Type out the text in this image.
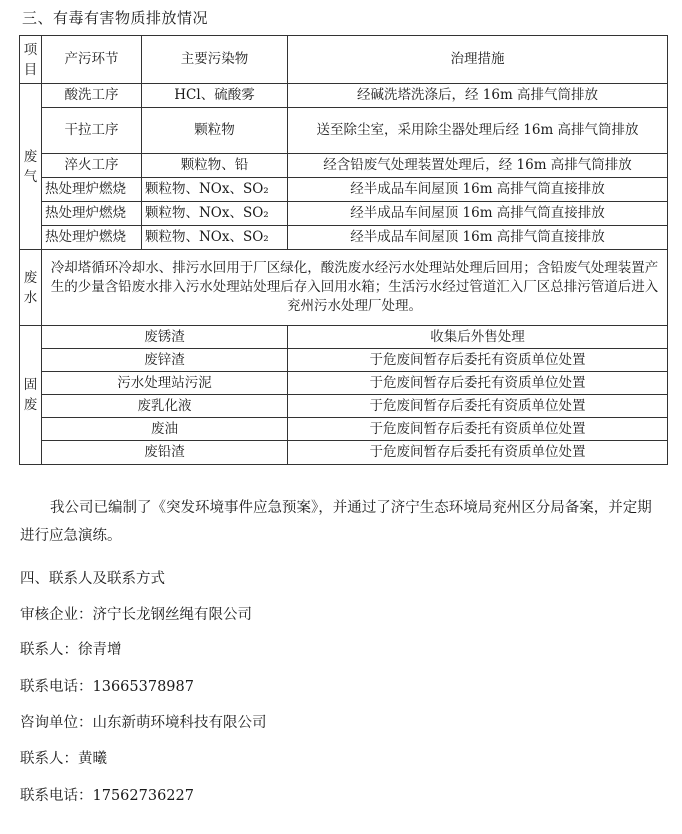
三、有毒有害物质排放情况
项目	产污环节	主要污染物	治理措施
废气	酸洗工序	HCl、硫酸雾	经碱洗塔洗涤后，经 16m 高排气筒排放
	干拉工序	颗粒物	送至除尘室，采用除尘器处理后经 16m 高排气筒排放
	淬火工序	颗粒物、铅	经含铅废气处理装置处理后，经 16m 高排气筒排放
	热处理炉燃烧	颗粒物、NOx、SO₂	经半成品车间屋顶 16m 高排气筒直接排放
	热处理炉燃烧	颗粒物、NOx、SO₂	经半成品车间屋顶 16m 高排气筒直接排放
	热处理炉燃烧	颗粒物、NOx、SO₂	经半成品车间屋顶 16m 高排气筒直接排放
废水	冷却塔循环冷却水、排污水回用于厂区绿化，酸洗废水经污水处理站处理后回用；含铅废气处理装置产生的少量含铅废水排入污水处理站处理后存入回用水箱；生活污水经过管道汇入厂区总排污管道后进入兖州污水处理厂处理。		
固废	废锈渣		收集后外售处理
	废锌渣		于危废间暂存后委托有资质单位处置
	污水处理站污泥		于危废间暂存后委托有资质单位处置
	废乳化液		于危废间暂存后委托有资质单位处置
	废油		于危废间暂存后委托有资质单位处置
	废铅渣		于危废间暂存后委托有资质单位处置
我公司已编制了《突发环境事件应急预案》，并通过了济宁生态环境局兖州区分局备案，并定期进行应急演练。
四、联系人及联系方式
审核企业：济宁长龙钢丝绳有限公司
联系人：徐青增
联系电话：13665378987
咨询单位：山东新萌环境科技有限公司
联系人：黄曦
联系电话：17562736227
